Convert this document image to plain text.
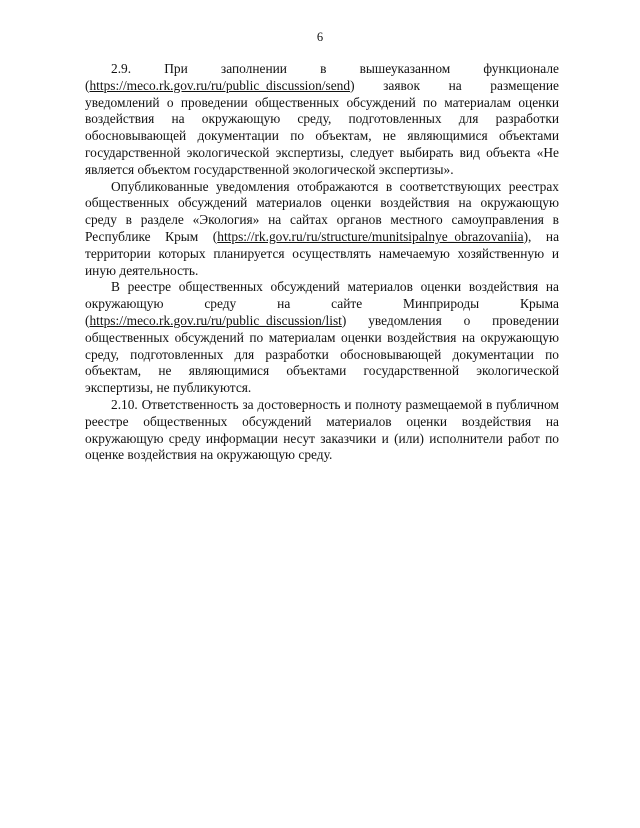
6

2.9. При заполнении в вышеуказанном функционале (https://meco.rk.gov.ru/ru/public_discussion/send) заявок на размещение уведомлений о проведении общественных обсуждений по материалам оценки воздействия на окружающую среду, подготовленных для разработки обосновывающей документации по объектам, не являющимися объектами государственной экологической экспертизы, следует выбирать вид объекта «Не является объектом государственной экологической экспертизы».

Опубликованные уведомления отображаются в соответствующих реестрах общественных обсуждений материалов оценки воздействия на окружающую среду в разделе «Экология» на сайтах органов местного самоуправления в Республике Крым (https://rk.gov.ru/ru/structure/munitsipalnye_obrazovaniia), на территории которых планируется осуществлять намечаемую хозяйственную и иную деятельность.

В реестре общественных обсуждений материалов оценки воздействия на окружающую среду на сайте Минприроды Крыма (https://meco.rk.gov.ru/ru/public_discussion/list) уведомления о проведении общественных обсуждений по материалам оценки воздействия на окружающую среду, подготовленных для разработки обосновывающей документации по объектам, не являющимися объектами государственной экологической экспертизы, не публикуются.

2.10. Ответственность за достоверность и полноту размещаемой в публичном реестре общественных обсуждений материалов оценки воздействия на окружающую среду информации несут заказчики и (или) исполнители работ по оценке воздействия на окружающую среду.
